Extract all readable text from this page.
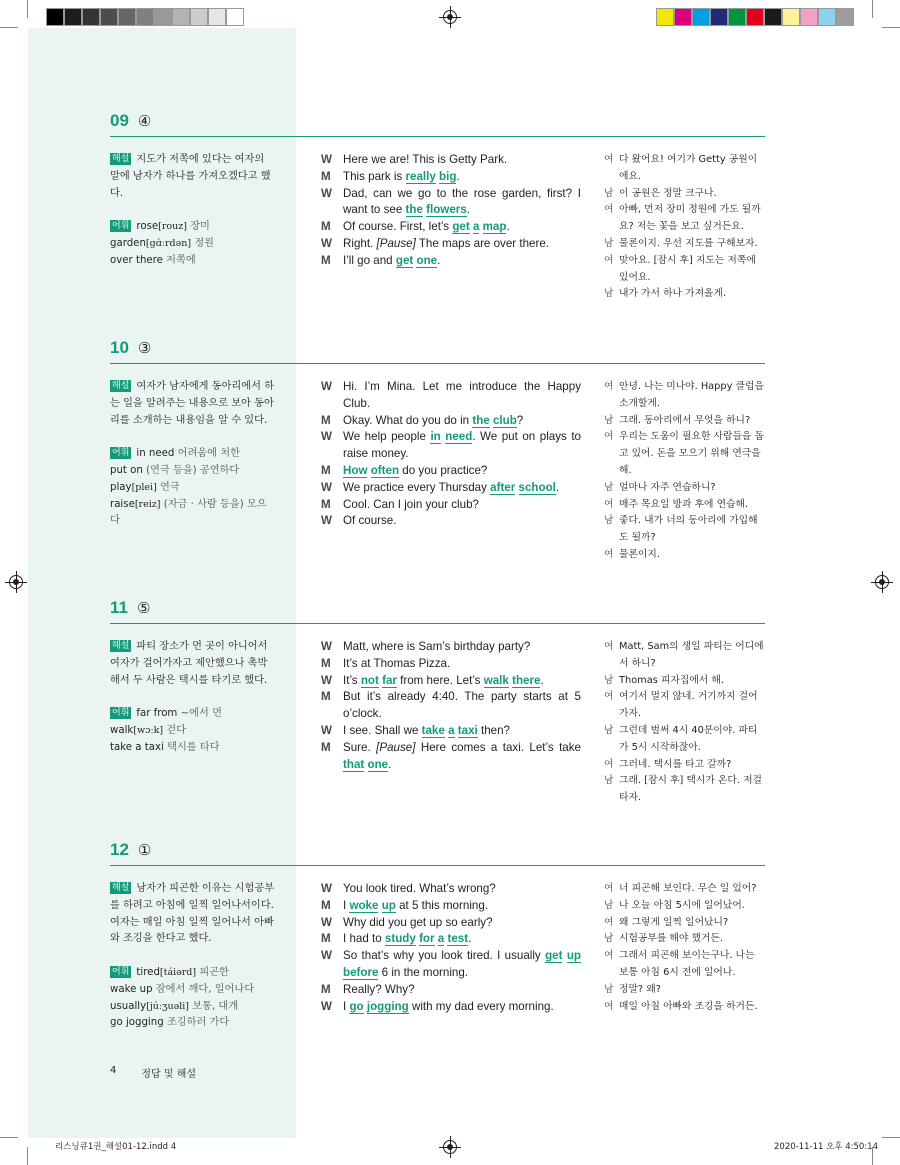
09 ④
해설 지도가 저쪽에 있다는 여자의 말에 남자가 하나를 가져오겠다고 했다.
어휘 rose[rouz] 장미
garden[gɑ́ːrdən] 정원
over there 저쪽에
W Here we are! This is Getty Park.
M	This park is really big.
W Dad, can we go to the rose garden, first? I want to see the flowers.
M	Of course. First, let’s get a map.
W Right. [Pause] The maps are over there.
M	I’ll go and get one.
여 다 왔어요! 여기가 Getty 공원이에요.
남 이 공원은 정말 크구나.
여 아빠, 먼저 장미 정원에 가도 될까요? 저는 꽃을 보고 싶거든요.
남 물론이지. 우선 지도를 구해보자.
여 맞아요. [잠시 후] 지도는 저쪽에 있어요.
남 내가 가서 하나 가져올게.
10 ③
해설 여자가 남자에게 동아리에서 하는 일을 알려주는 내용으로 보아 동아리를 소개하는 내용임을 알 수 있다.
어휘 in need 어려움에 처한
put on (연극 등을) 공연하다
play[plei] 연극
raise[reiz] (자금 · 사람 등을) 모으다
W Hi. I’m Mina. Let me introduce the Happy Club.
M	Okay. What do you do in the club?
W We help people in need. We put on plays to raise money.
M	How often do you practice?
W We practice every Thursday after school.
M	Cool. Can I join your club?
W Of course.
여 안녕. 나는 미나야. Happy 클럽을 소개할게.
남 그래. 동아리에서 무엇을 하니?
여 우리는 도움이 필요한 사람들을 돕고 있어. 돈을 모으기 위해 연극을 해.
남 얼마나 자주 연습하니?
여 매주 목요일 방과 후에 연습해.
남 좋다. 내가 너의 동아리에 가입해도 될까?
여 물론이지.
11 ⑤
해설 파티 장소가 먼 곳이 아니어서 여자가 걸어가자고 제안했으나 촉박해서 두 사람은 택시를 타기로 했다.
어휘 far from ~에서 먼
walk[wɔːk] 걷다
take a taxi 택시를 타다
W Matt, where is Sam’s birthday party?
M	It’s at Thomas Pizza.
W It’s not far from here. Let’s walk there.
M	But it’s already 4:40. The party starts at 5 o’clock.
W I see. Shall we take a taxi then?
M	Sure. [Pause] Here comes a taxi. Let’s take that one.
여 Matt, Sam의 생일 파티는 어디에서 하니?
남 Thomas 피자집에서 해.
여 여기서 멀지 않네. 거기까지 걸어가자.
남 그런데 벌써 4시 40분이야. 파티가 5시 시작하잖아.
여 그러네. 택시를 타고 갈까?
남 그래. [잠시 후] 택시가 온다. 저걸 타자.
12 ①
해설 남자가 피곤한 이유는 시험공부를 하려고 아침에 일찍 일어나서이다. 여자는 매일 아침 일찍 일어나서 아빠와 조깅을 한다고 했다.
어휘 tired[táiərd] 피곤한
wake up 잠에서 깨다, 일어나다
usually[júːʒuəli] 보통, 대개
go jogging 조깅하러 가다
W You look tired. What’s wrong?
M	I woke up at 5 this morning.
W Why did you get up so early?
M	I had to study for a test.
W So that’s why you look tired. I usually get up before 6 in the morning.
M	Really? Why?
W I go jogging with my dad every morning.
여 너 피곤해 보인다. 무슨 일 있어?
남 나 오늘 아침 5시에 일어났어.
여 왜 그렇게 일찍 일어났니?
남 시험공부를 해야 했거든.
여 그래서 피곤해 보이는구나. 나는 보통 아침 6시 전에 일어나.
남 정말? 왜?
여 매일 아침 아빠와 조깅을 하거든.
4	정답 및 해설
리스닝큐1권_해설01-12.indd 4	2020-11-11 오후 4:50:14
